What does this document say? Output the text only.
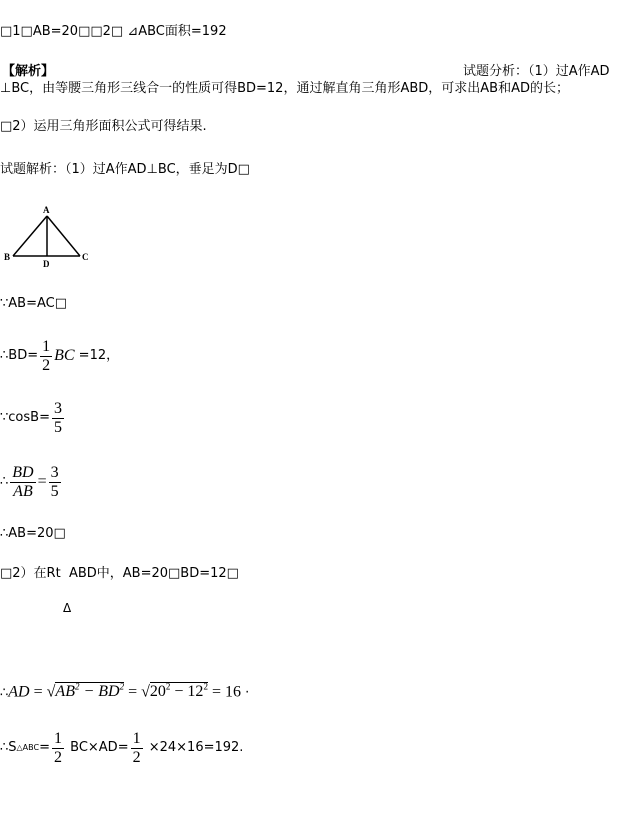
□1□AB=20□□2□ ⊿ABC面积=192
【解析】	试题分析：（1）过A作AD
⊥BC，由等腰三角形三线合一的性质可得BD=12，通过解直角三角形ABD，可求出AB和AD的长；
□2）运用三角形面积公式可得结果.
试题解析：（1）过A作AD⊥BC，垂足为D□
A
B	C
D
∵AB=AC□
∴BD= $\frac{1}{2}$ BC =12，
∵cosB= $\frac{3}{5}$
∴ $\frac{BD}{AB} = \frac{3}{5}$
∴AB=20□
□2）在Rt  ABD中，AB=20□BD=12□
Δ
∴AD = $√AB^2 - BD^2 = √20^2 - 12^2 = 16$ ·
∴S△ABC= $\frac{1}{2} BC\times AD= \frac{1}{2} \times 24\times 16=192$.
